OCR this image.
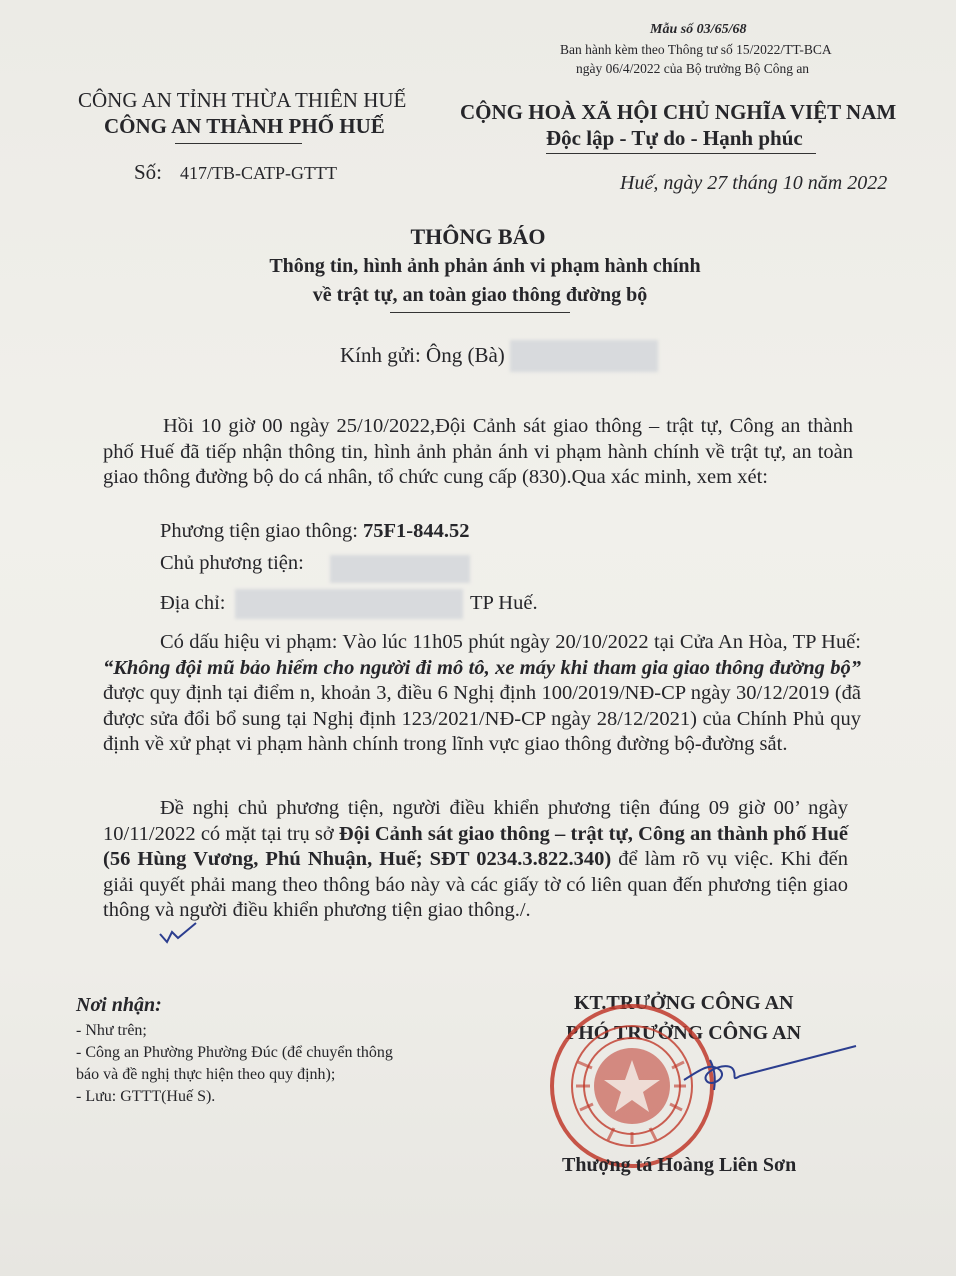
Mẫu số 03/65/68
Ban hành kèm theo Thông tư số 15/2022/TT-BCA
ngày 06/4/2022 của Bộ trưởng Bộ Công an
CÔNG AN TỈNH THỪA THIÊN HUẾ
CÔNG AN THÀNH PHỐ HUẾ
CỘNG HOÀ XÃ HỘI CHỦ NGHĨA VIỆT NAM
Độc lập - Tự do - Hạnh phúc
Số: 417/TB-CATP-GTTT	Huế, ngày 27 tháng 10 năm 2022
THÔNG BÁO
Thông tin, hình ảnh phản ánh vi phạm hành chính
về trật tự, an toàn giao thông đường bộ
Kính gửi: Ông (Bà)
Hồi 10 giờ 00 ngày 25/10/2022,Đội Cảnh sát giao thông – trật tự, Công an thành phố Huế đã tiếp nhận thông tin, hình ảnh phản ánh vi phạm hành chính về trật tự, an toàn giao thông đường bộ do cá nhân, tổ chức cung cấp (830).Qua xác minh, xem xét:
Phương tiện giao thông: 75F1-844.52
Chủ phương tiện:
Địa chỉ:	TP Huế.
Có dấu hiệu vi phạm: Vào lúc 11h05 phút ngày 20/10/2022 tại Cửa An Hòa, TP Huế: “Không đội mũ bảo hiểm cho người đi mô tô, xe máy khi tham gia giao thông đường bộ” được quy định tại điểm n, khoản 3, điều 6 Nghị định 100/2019/NĐ-CP ngày 30/12/2019 (đã được sửa đổi bổ sung tại Nghị định 123/2021/NĐ-CP ngày 28/12/2021) của Chính Phủ quy định về xử phạt vi phạm hành chính trong lĩnh vực giao thông đường bộ-đường sắt.
Đề nghị chủ phương tiện, người điều khiển phương tiện đúng 09 giờ 00’ ngày 10/11/2022 có mặt tại trụ sở Đội Cảnh sát giao thông – trật tự, Công an thành phố Huế (56 Hùng Vương, Phú Nhuận, Huế; SĐT 0234.3.822.340) để làm rõ vụ việc. Khi đến giải quyết phải mang theo thông báo này và các giấy tờ có liên quan đến phương tiện giao thông và người điều khiển phương tiện giao thông./.
Nơi nhận:
- Như trên;
- Công an Phường Phường Đúc (để chuyển thông
báo và đề nghị thực hiện theo quy định);
- Lưu: GTTT(Huế S).
KT.TRƯỞNG CÔNG AN
PHÓ TRƯỞNG CÔNG AN
Thượng tá Hoàng Liên Sơn
